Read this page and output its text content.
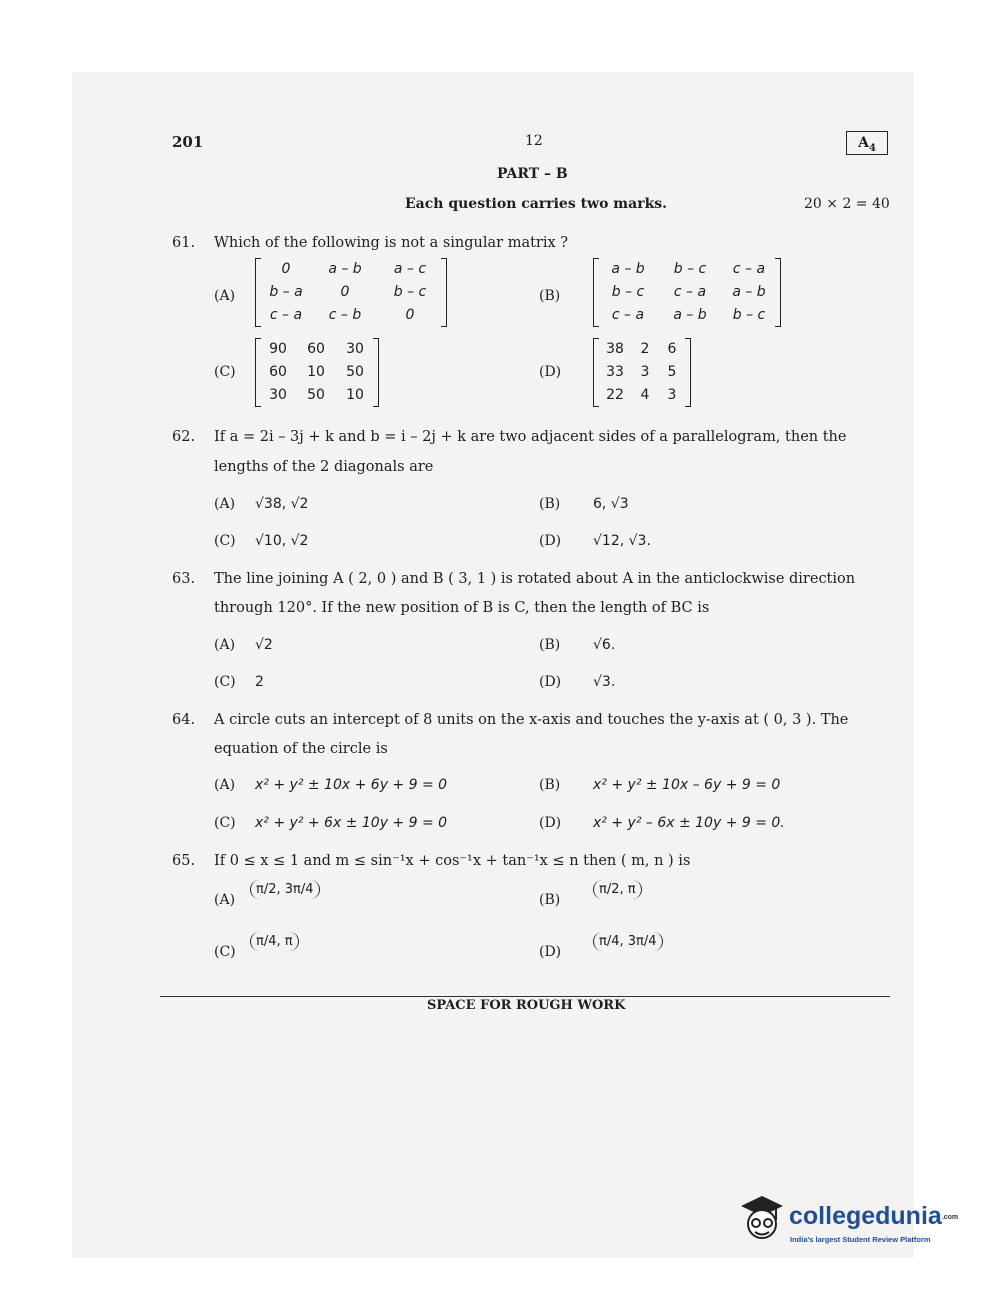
201	12	$A_4$
PART – B
Each question carries two marks.	20 × 2 = 40
61. Which of the following is not a singular matrix ?
(A)
0	a – b	a – c
b – a	0	b – c
c – a	c – b	0
(B)
a – b	b – c	c – a
b – c	c – a	a – b
c – a	a – b	b – c
(C)
90	60	30
60	10	50
30	50	10
(D)
38	2	6
33	3	5
22	4	3
62. If a = 2i – 3j + k and b = i – 2j + k are two adjacent sides of a parallelogram, then the
lengths of the 2 diagonals are
(A) √38, √2	(B) 6, √3
(C) √10, √2	(D) √12, √3.
63. The line joining A ( 2, 0 ) and B ( 3, 1 ) is rotated about A in the anticlockwise direction
through 120°. If the new position of B is C, then the length of BC is
(A) √2	(B) √6.
(C) 2	(D) √3.
64. A circle cuts an intercept of 8 units on the x-axis and touches the y-axis at ( 0, 3 ). The
equation of the circle is
(A) x² + y² ± 10x + 6y + 9 = 0	(B) x² + y² ± 10x – 6y + 9 = 0
(C) x² + y² + 6x ± 10y + 9 = 0	(D) x² + y² – 6x ± 10y + 9 = 0.
65. If 0 ≤ x ≤ 1 and m ≤ sin⁻¹x + cos⁻¹x + tan⁻¹x ≤ n then ( m, n ) is
(A)
π/2, 3π/4
(B)
π/2, π
(C)
π/4, π
(D)
π/4, 3π/4
SPACE FOR ROUGH WORK
collegedunia.com
India's largest Student Review Platform
